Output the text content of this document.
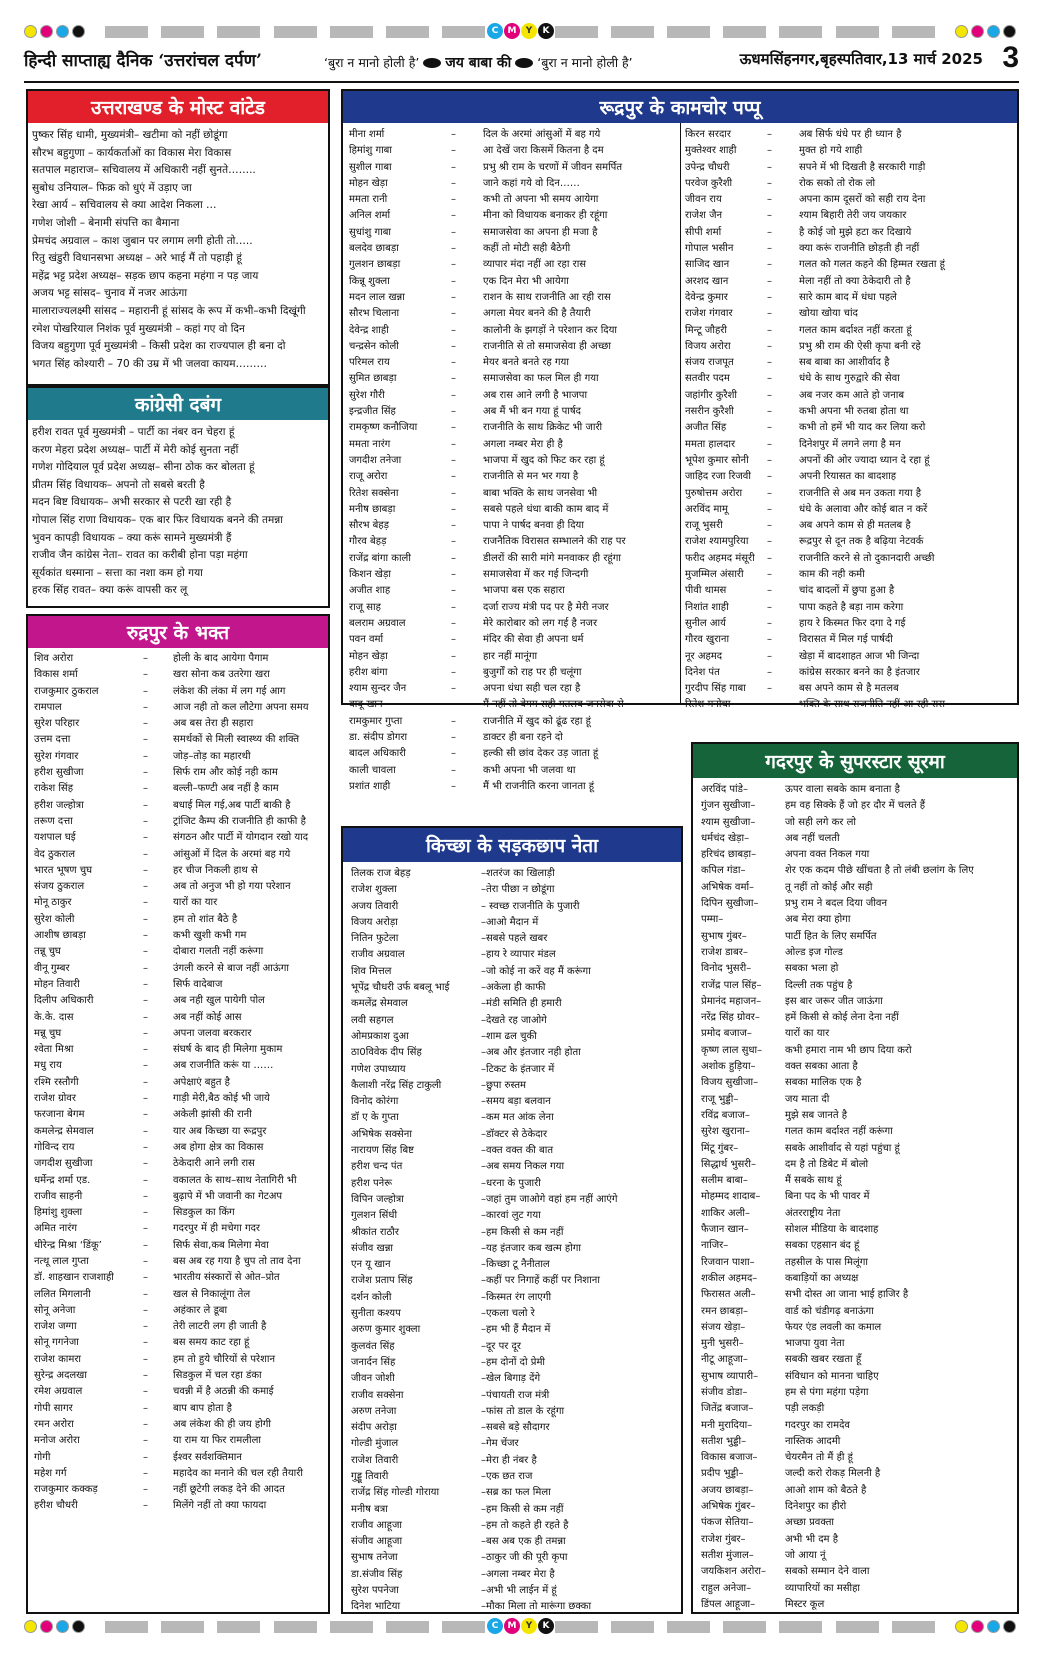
C	M	Y	K
हिन्दी साप्ताह्य दैनिक ‘उत्तरांचल दर्पण’	‘बुरा न मानो होली है’ जय बाबा की ‘बुरा न मानो होली है’	ऊधमसिंहनगर,बृहस्पतिवार,13 मार्च 2025 3
उत्तराखण्ड के मोस्ट वांटेड
पुष्कर सिंह धामी, मुख्यमंत्री– खटीमा को नहीं छोडूंगा
सौरभ बहुगुणा – कार्यकर्ताओं का विकास मेरा विकास
सतपाल महाराज– सचिवालय में अधिकारी नहीं सुनते……..
सुबोध उनियाल– फिक्र को धुएं में उड़ाए जा
रेखा आर्य – सचिवालय से क्या आदेश निकला …
गणेश जोशी – बेनामी संपत्ति का बैमाना
प्रेमचंद अग्रवाल – काश जुबान पर लगाम लगी होती तो…..
रितु खंडुरी विधानसभा अध्यक्ष – अरे भाई मैं तो पहाड़ी हूं
महेंद्र भट्ट प्रदेश अध्यक्ष– सड़क छाप कहना महंगा न पड़ जाय
अजय भट्ट सांसद– चुनाव में नजर आऊंगा
मालाराज्यलक्ष्मी सांसद – महारानी हूं सांसद के रूप में कभी–कभी दिखूंगी
रमेश पोखरियाल निशंक पूर्व मुख्यमंत्री – कहां गए वो दिन
विजय बहुगुणा पूर्व मुख्यमंत्री – किसी प्रदेश का राज्यपाल ही बना दो
भगत सिंह कोश्यारी – 70 की उम्र में भी जलवा कायम………
कांग्रेसी दबंग
हरीश रावत पूर्व मुख्यमंत्री – पार्टी का नंबर वन चेहरा हूं
करण मेहरा प्रदेश अध्यक्ष– पार्टी में मेरी कोई सुनता नहीं
गणेश गोदियाल पूर्व प्रदेश अध्यक्ष– सीना ठोक कर बोलता हूं
प्रीतम सिंह विधायक– अपनो तो सबसे बरती है
मदन बिष्ट विधायक– अभी सरकार से पटरी खा रही है
गोपाल सिंह राणा विधायक– एक बार फिर विधायक बनने की तमन्ना
भुवन कापड़ी विधायक – क्या करूं सामने मुख्यमंत्री हैं
राजीव जैन कांग्रेस नेता– रावत का करीबी होना पड़ा महंगा
सूर्यकांत धस्माना – सत्ता का नशा कम हो गया
हरक सिंह रावत– क्या करूं वापसी कर लू
रुद्रपुर के भक्त
शिव अरोरा	–	होली के बाद आयेगा पैगाम
विकास शर्मा	–	खरा सोना कब उतरेगा खरा
राजकुमार ठुकराल	–	लंकेश की लंका में लग गई आग
रामपाल	–	आज नही तो कल लौटेगा अपना समय
सुरेश परिहार	–	अब बस तेरा ही सहारा
उत्तम दत्ता	–	समर्थकों से मिली स्वास्थ्य की शक्ति
सुरेश गंगवार	–	जोड़–तोड़ का महारथी
हरीश सुखीजा	–	सिर्फ राम और कोई नही काम
राकेश सिंह	–	बल्ली–फण्टी अब नहीं है काम
हरीश जल्होत्रा	–	बधाई मिल गई,अब पार्टी बाकी है
तरूण दत्ता	–	ट्रांजिट कैम्प की राजनीति ही काफी है
यशपाल घई	–	संगठन और पार्टी में योगदान रखो याद
वेद ठुकराल	–	आंसुओं में दिल के अरमां बह गये
भारत भूषण चुघ	–	हर चीज निकली हाथ से
संजय ठुकराल	–	अब तो अनुज भी हो गया परेशान
मोनू ठाकुर	–	यारों का यार
सुरेश कोली	–	हम तो शांत बैठे है
आशीष छाबड़ा	–	कभी खुशी कभी गम
तन्नू चुघ	–	दोबारा गलती नहीं करूंगा
वीनू गुम्बर	–	उंगली करने से बाज नहीं आऊंगा
मोहन तिवारी	–	सिर्फ वादेबाज
दिलीप अधिकारी	–	अब नही खुल पायेगी पोल
के.के. दास	–	अब नहीं कोई आस
मन्नू चुघ	–	अपना जलवा बरकरार
श्वेता मिश्रा	–	संघर्ष के बाद ही मिलेगा मुकाम
मधु राय	–	अब राजनीति करूं या ……
रश्मि रस्तौगी	–	अपेक्षाएं बहुत है
राजेश ग्रोवर	–	गाड़ी मेरी,बैठ कोई भी जाये
फरजाना बेगम	–	अकेली झांसी की रानी
कमलेन्द्र सेमवाल	–	यार अब किच्छा या रूद्रपुर
गोविन्द राय	–	अब होगा क्षेत्र का विकास
जगदीश सुखीजा	–	ठेकेदारी आने लगी रास
धर्मेन्द्र शर्मा एड.	–	वकालत के साथ–साथ नेतागिरी भी
राजीव साहनी	–	बुढ़ापे में भी जवानी का गेटअप
हिमांशु शुक्ला	–	सिडकुल का किंग
अमित नारंग	–	गदरपुर में ही मचेगा गदर
धीरेन्द्र मिश्रा ‘डिंकू’	–	सिर्फ सेवा,कब मिलेगा मेवा
नत्थू लाल गुप्ता	–	बस अब रह गया है चुप तो ताव देना
डॉ. शाहखान राजशाही	–	भारतीय संस्कारों से ओत–प्रोत
ललित मिगलानी	–	खल से निकालूंगा तेल
सोनू अनेजा	–	अहंकार ले डूबा
राजेश जग्गा	–	तेरी लाटरी लग ही जाती है
सोनू गगनेजा	–	बस समय काट रहा हूं
राजेश कामरा	–	हम तो हुये चौरियों से परेशान
सुरेन्द्र अदलखा	–	सिडकुल में चल रहा डंका
रमेश अग्रवाल	–	चवन्नी में है अठन्नी की कमाई
गोपी सागर	–	बाप बाप होता है
रमन अरोरा	–	अब लंकेश की ही जय होगी
मनोज अरोरा	–	या राम या फिर रामलीला
गोगी	–	ईश्वर सर्वशक्तिमान
महेश गर्ग	–	महादेव का मनाने की चल रही तैयारी
राजकुमार कक्कड़	–	नहीं छूटेगी लकड़ देने की आदत
हरीश चौधरी	–	मिलेंगे नहीं तो क्या फायदा
रूद्रपुर के कामचोर पप्पू
मीना शर्मा	–	दिल के अरमां आंसुओं में बह गये
हिमांशु गाबा	–	आ देखें जरा किसमें कितना है दम
सुशील गाबा	–	प्रभु श्री राम के चरणों में जीवन समर्पित
मोहन खेड़ा	–	जाने कहां गये वो दिन……
ममता रानी	–	कभी तो अपना भी समय आयेगा
अनिल शर्मा	–	मीना को विधायक बनाकर ही रहूंगा
सुधांशु गाबा	–	समाजसेवा का अपना ही मजा है
बलदेव छाबड़ा	–	कहीं तो मोटी सही बैठेगी
गुलशन छाबड़ा	–	व्यापार मंदा नहीं आ रहा रास
किन्नू शुक्ला	–	एक दिन मेरा भी आयेगा
मदन लाल खन्ना	–	राशन के साथ राजनीति आ रही रास
सौरभ चिलाना	–	अगला मेयर बनने की है तैयारी
देवेन्द्र शाही	–	कालोनी के झगड़ों ने परेशान कर दिया
चन्द्रसेन कोली	–	राजनीति से तो समाजसेवा ही अच्छा
परिमल राय	–	मेयर बनते बनते रह गया
सुमित छाबड़ा	–	समाजसेवा का फल मिल ही गया
सुरेश गौरी	–	अब रास आने लगी है भाजपा
इन्द्रजीत सिंह	–	अब मैं भी बन गया हूं पार्षद
रामकृष्ण कनौजिया	–	राजनीति के साथ क्रिकेट भी जारी
ममता नारंग	–	अगला नम्बर मेरा ही है
जगदीश तनेजा	–	भाजपा में खुद को फिट कर रहा हूं
राजू अरोरा	–	राजनीति से मन भर गया है
रितेश सक्सेना	–	बाबा भक्ति के साथ जनसेवा भी
मनीष छाबड़ा	–	सबसे पहले धंधा बाकी काम बाद में
सौरभ बेहड़	–	पापा ने पार्षद बनवा ही दिया
गौरव बेहड़	–	राजनैतिक विरासत सम्भालने की राह पर
राजेंद्र बांगा काली	–	डीलरों की सारी मांगे मनवाकर ही रहूंगा
किशन खेड़ा	–	समाजसेवा में कर गई जिन्दगी
अजीत शाह	–	भाजपा बस एक सहारा
राजू साह	–	दर्जा राज्य मंत्री पद पर है मेरी नजर
बलराम अग्रवाल	–	मेरे कारोबार को लग गई है नजर
पवन वर्मा	–	मंदिर की सेवा ही अपना धर्म
मोहन खेड़ा	–	हार नहीं मानूंगा
हरीश बांगा	–	बुजुर्गों को राह पर ही चलूंगा
श्याम सुन्दर जैन	–	अपना धंधा सही चल रहा है
बाबू खान	–	मैं नहीं तो बेगम सही मतलब जनसेवा से
रामकुमार गुप्ता	–	राजनीति में खुद को ढूंढ रहा हूं
डा. संदीप डोगरा	–	डाक्टर ही बना रहने दो
बादल अधिकारी	–	हल्की सी छांव देकर उड़ जाता हूं
काली चावला	–	कभी अपना भी जलवा था
प्रशांत शाही	–	मैं भी राजनीति करना जानता हूं
किरन सरदार	–	अब सिर्फ धंधे पर ही ध्यान है
मुक्तेश्वर शाही	–	मुक्त हो गये शाही
उपेन्द्र चौधरी	–	सपने में भी दिखती है सरकारी गाड़ी
परवेज कुरैशी	–	रोक सको तो रोक लो
जीवन राय	–	अपना काम दूसरों को सही राय देना
राजेश जैन	–	श्याम बिहारी तेरी जय जयकार
सीपी शर्मा	–	है कोई जो मुझे हटा कर दिखाये
गोपाल भसीन	–	क्या करूं राजनीति छोड़ती ही नहीं
साजिद खान	–	गलत को गलत कहने की हिम्मत रखता हूं
अरशद खान	–	मेला नहीं तो क्या ठेकेदारी तो है
देवेन्द्र कुमार	–	सारे काम बाद में धंधा पहले
राजेश गंगवार	–	खोया खोया चांद
मिन्टू जौहरी	–	गलत काम बर्दाश्त नहीं करता हूं
विजय अरोरा	–	प्रभु श्री राम की ऐसी कृपा बनी रहे
संजय राजपूत	–	सब बाबा का आशीर्वाद है
सतवीर पदम	–	धंधे के साथ गुरुद्वारे की सेवा
जहांगीर कुरैशी	–	अब नजर कम आते हो जनाब
नसरीन कुरैशी	–	कभी अपना भी रुतबा होता था
अजीत सिंह	–	कभी तो हमें भी याद कर लिया करो
ममता हालदार	–	दिनेशपुर में लगने लगा है मन
भूपेश कुमार सोनी	–	अपनों की ओर ज्यादा ध्यान दे रहा हूं
जाहिद रजा रिजवी	–	अपनी रियासत का बादशाह
पुरुषोत्तम अरोरा	–	राजनीति से अब मन उकता गया है
अरविंद मामू	–	धंधे के अलावा और कोई बात न करें
राजू भुसरी	–	अब अपने काम से ही मतलब है
राजेश श्यामपुरिया	–	रूद्रपुर से दून तक है बढ़िया नेटवर्क
फरीद अहमद मंसूरी	–	राजनीति करने से तो दुकानदारी अच्छी
मुजम्मिल अंसारी	–	काम की नही कमी
पीवी थामस	–	चांद बादलों में छुपा हुआ है
निशांत शाही	–	पापा कहते है बड़ा नाम करेगा
सुनील आर्य	–	हाय रे किस्मत फिर दगा दे गई
गौरव खुराना	–	विरासत में मिल गई पार्षदी
नूर अहमद	–	खेड़ा में बादशाहत आज भी जिन्दा
दिनेश पंत	–	कांग्रेस सरकार बनने का है इंतजार
गुरदीप सिंह गाबा	–	बस अपने काम से है मतलब
रितेश मनोचा	–	भक्ति के साथ राजनीति नहीं आ रही रास
किच्छा के सड़कछाप नेता
तिलक राज बेहड़	–शतरंज का खिलाड़ी
राजेश शुक्ला	–तेरा पीछा न छोडूंगा
अजय तिवारी	– स्वच्छ राजनीति के पुजारी
विजय अरोड़ा	–आओ मैदान में
नितिन फुटेला	–सबसे पहले खबर
राजीव अग्रवाल	–हाय रे व्यापार मंडल
शिव मित्तल	–जो कोई ना करें वह मैं करूंगा
भूपेंद्र चौधरी उर्फ बबलू भाई	–अकेला ही काफी
कमलेंद्र सेमवाल	–मंडी समिति ही हमारी
लवी सहगल	–देखते रह जाओगे
ओमप्रकाश दुआ	–शाम ढल चुकी
ठा0विवेक दीप सिंह	–अब और इंतजार नही होता
गणेश उपाध्याय	–टिकट के इंतजार में
कैलाशी नरेंद्र सिंह टाकुली	–छुपा रुस्तम
विनोद कोरंगा	–समय बड़ा बलवान
डॉ ए के गुप्ता	–कम मत आंक लेना
अभिषेक सक्सेना	–डॉक्टर से ठेकेदार
नारायण सिंह बिष्ट	–वक्त वक्त की बात
हरीश चन्द पंत	–अब समय निकल गया
हरीश पनेरू	–धरना के पुजारी
विपिन जल्होत्रा	–जहां तुम जाओगे वहां हम नहीं आएंगे
गुलशन सिंधी	–कारवां लुट गया
श्रीकांत राठौर	–हम किसी से कम नहीं
संजीव खन्ना	–यह इंतजार कब खत्म होगा
एन यू खान	–किच्छा टू नैनीताल
राजेश प्रताप सिंह	–कहीं पर निगाहें कहीं पर निशाना
दर्शन कोली	–किस्मत रंग लाएगी
सुनीता कश्यप	–एकला चलो रे
अरुण कुमार शुक्ला	–हम भी हैं मैदान में
कुलवंत सिंह	–दूर पर दूर
जनार्दन सिंह	–हम दोनों दो प्रेमी
जीवन जोशी	–खेल बिगाड़ देंगे
राजीव सक्सेना	–पंचायती राज मंत्री
अरुण तनेजा	–फांस तो डाल के रहूंगा
संदीप अरोड़ा	–सबसे बड़े सौदागर
गोल्डी मुंजाल	–गेम चेंजर
राजेश तिवारी	–मेरा ही नंबर है
गुड्डू तिवारी	–एक छत राज
राजेंद्र सिंह गोल्डी गोराया	–सब्र का फल मिला
मनीष बत्रा	–हम किसी से कम नहीं
राजीव आहूजा	–हम तो कहते ही रहते है
संजीव आहूजा	–बस अब एक ही तमन्ना
सुभाष तनेजा	–ठाकुर जी की पूरी कृपा
डा.संजीव सिंह	–अगला नम्बर मेरा है
सुरेश पपनेजा	–अभी भी लाईन में हूं
दिनेश भाटिया	–मौका मिला तो मारूंगा छक्का
गदरपुर के सुपरस्टार सूरमा
अरविंद पांडे–	ऊपर वाला सबके काम बनाता है
गुंजन सुखीजा–	हम वह सिक्के हैं जो हर दौर में चलते हैं
श्याम सुखीजा–	जो सही लगे कर लो
धर्मचंद खेड़ा–	अब नहीं चलती
हरिचंद छाबड़ा–	अपना वक्त निकल गया
कपिल गंडा–	शेर एक कदम पीछे खींचता है तो लंबी छलांग के लिए
अभिषेक वर्मा–	तू नहीं तो कोई और सही
दिपिन सुखीजा–	प्रभु राम ने बदल दिया जीवन
पम्मा–	अब मेरा क्या होगा
सुभाष गुंबर–	पार्टी हित के लिए समर्पित
राजेश डाबर–	ओल्ड इज गोल्ड
विनोद भुसरी–	सबका भला हो
राजेंद्र पाल सिंह–	दिल्ली तक पहुंच है
प्रेमानंद महाजन–	इस बार जरूर जीत जाऊंगा
नरेंद्र सिंह ग्रोवर–	हमें किसी से कोई लेना देना नहीं
प्रमोद बजाज–	यारों का यार
कृष्ण लाल सुधा–	कभी हमारा नाम भी छाप दिया करो
अशोक हुड़िया–	वक्त सबका आता है
विजय सुखीजा–	सबका मालिक एक है
राजू भुड्डी–	जय माता दी
रविंद्र बजाज–	मुझे सब जानते है
सुरेश खुराना–	गलत काम बर्दाश्त नहीं करूंगा
मिंटू गुंबर–	सबके आशीर्वाद से यहां पहुंचा हूं
सिद्धार्थ भुसरी–	दम है तो डिबेट में बोलो
सलीम बाबा–	मैं सबके साथ हूं
मोहम्मद शादाब–	बिना पद के भी पावर में
शाकिर अली–	अंतरराष्ट्रीय नेता
फैजान खान–	सोशल मीडिया के बादशाह
नाजिर–	सबका एहसान बंद हूं
रिजवान पाशा–	तहसील के पास मिलूंगा
शकील अहमद–	कबाड़ियों का अध्यक्ष
फिरासत अली–	सभी दोस्त आ जाना भाई हाजिर है
रमन छाबड़ा–	वार्ड को चंडीगढ़ बनाऊंगा
संजय खेड़ा–	फेयर एंड लवली का कमाल
मुनी भुसरी–	भाजपा युवा नेता
नीटू आहूजा–	सबकी खबर रखता हूँ
सुभाष व्यापारी–	संविधान को मानना चाहिए
संजीव डोडा–	हम से पंगा महंगा पड़ेगा
जितेंद्र बजाज–	पड़ी लकड़ी
मनी मुरादिया–	गदरपुर का रामदेव
सतीश भुड्डी–	नास्तिक आदमी
विकास बजाज–	चेयरमैन तो मैं ही हूं
प्रदीप भुड्डी–	जल्दी करो रोकड़ मिलनी है
अजय छाबड़ा–	आओ शाम को बैठते है
अभिषेक गुंबर–	दिनेशपुर का हीरो
पंकज सेतिया–	अच्छा प्रवक्ता
राजेश गुंबर–	अभी भी दम है
सतीश मुंजाल–	जो आया नूं
जयकिशन अरोरा–	सबको सम्मान देने वाला
राहुल अनेजा–	व्यापारियों का मसीहा
डिंपल आहूजा–	मिस्टर कूल
C	M	Y	K
